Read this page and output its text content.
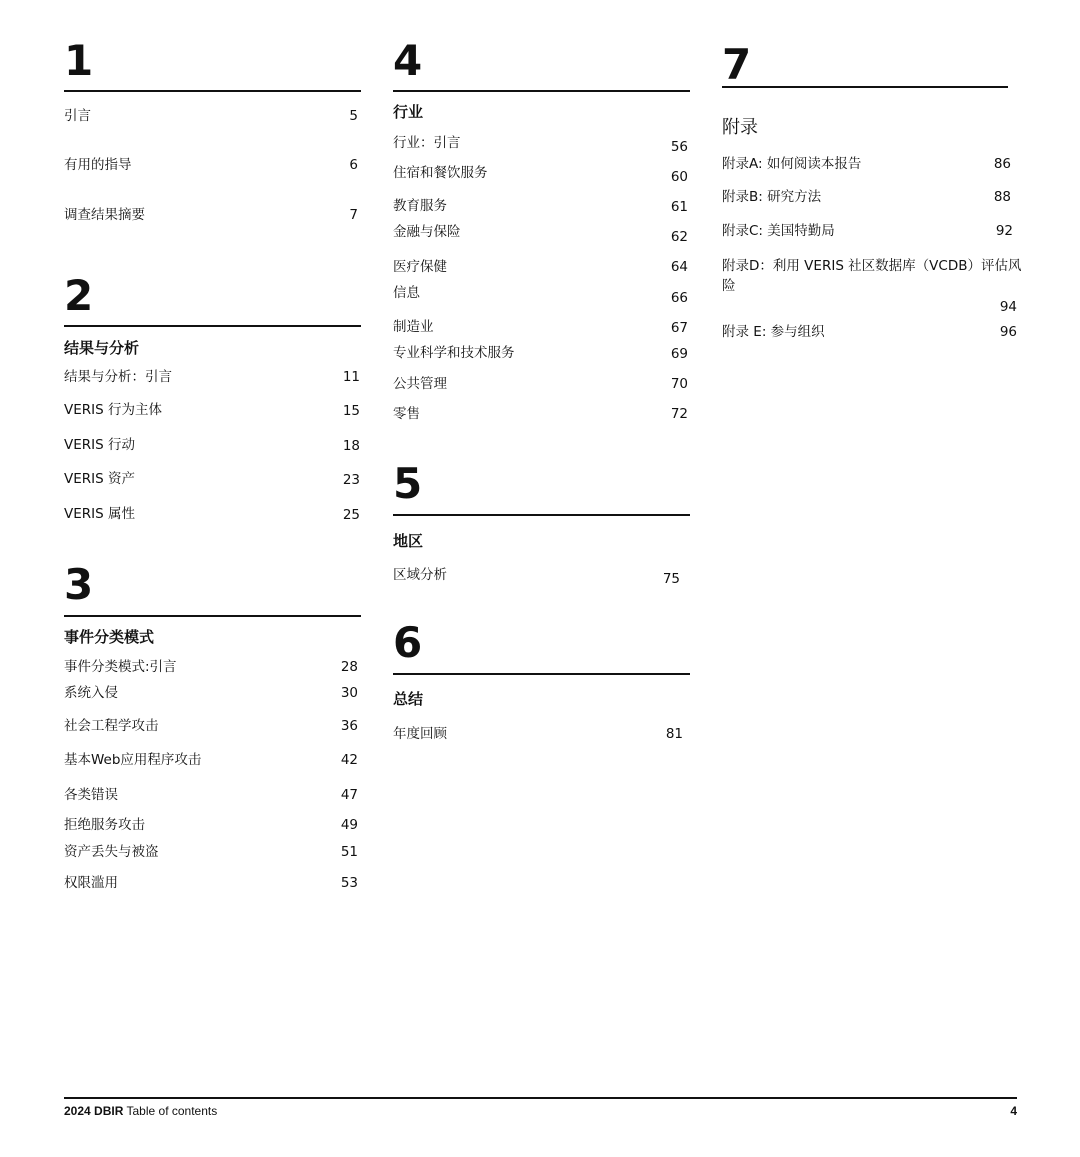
1
引言	5
有用的指导	6
调查结果摘要	7
2
结果与分析
结果与分析：引言	11
VERIS 行为主体	15
VERIS 行动	18
VERIS 资产	23
VERIS 属性	25
3
事件分类模式
事件分类模式:引言	28
系统入侵	30
社会工程学攻击	36
基本Web应用程序攻击	42
各类错误	47
拒绝服务攻击	49
资产丢失与被盗	51
权限滥用	53
4
行业
行业：引言	56
住宿和餐饮服务	60
教育服务	61
金融与保险	62
医疗保健	64
信息	66
制造业	67
专业科学和技术服务	69
公共管理	70
零售	72
5
地区
区域分析	75
6
总结
年度回顾	81
7
附录
附录A: 如何阅读本报告	86
附录B: 研究方法	88
附录C: 美国特勤局	92
附录D：利用 VERIS 社区数据库（VCDB）评估风险
94
附录 E: 参与组织	96
2024 DBIR Table of contents	4
